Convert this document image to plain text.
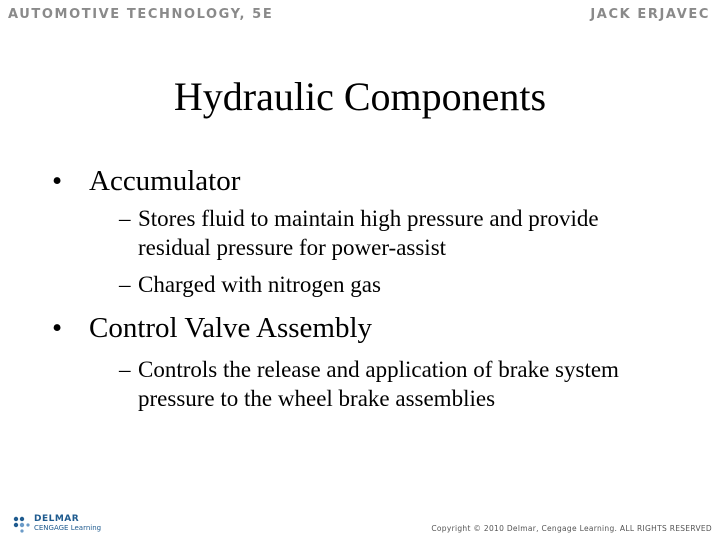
AUTOMOTIVE TECHNOLOGY, 5E	JACK ERJAVEC
Hydraulic Components
• Accumulator
– Stores fluid to maintain high pressure and provide residual pressure for power-assist
– Charged with nitrogen gas
• Control Valve Assembly
– Controls the release and application of brake system pressure to the wheel brake assemblies
DELMAR
CENGAGE Learning	Copyright © 2010 Delmar, Cengage Learning. ALL RIGHTS RESERVED
